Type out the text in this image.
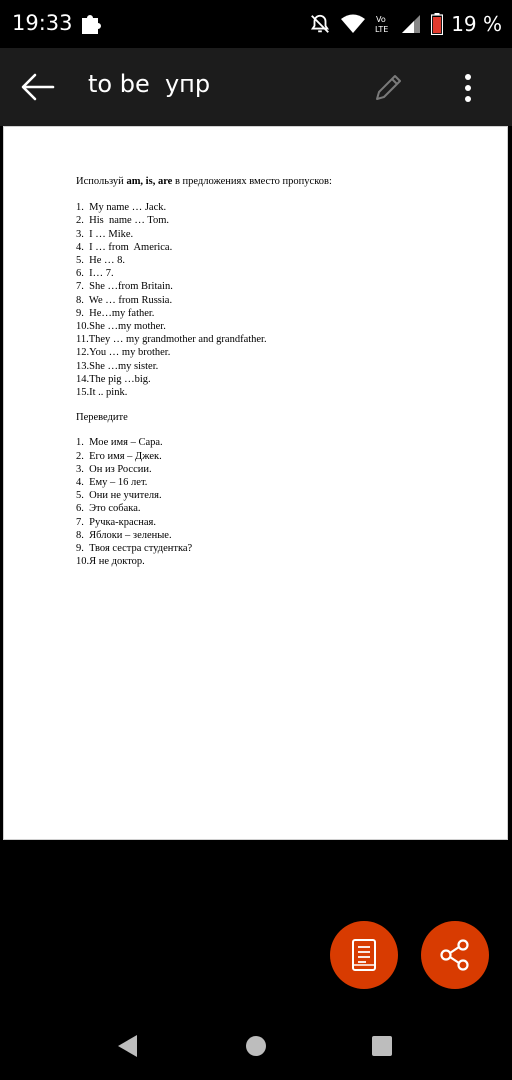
19:33	Vo
LTE	19 %
to be  упр

Используй am, is, are в предложениях вместо пропусков:

1.  My name … Jack.
2.  His  name … Tom.
3.  I … Mike.
4.  I … from  America.
5.  He … 8.
6.  I… 7.
7.  She …from Britain.
8.  We … from Russia.
9.  He…my father.
10.She …my mother.
11.They … my grandmother and grandfather.
12.You … my brother.
13.She …my sister.
14.The pig …big.
15.It .. pink.

Переведите

1.  Мое имя – Сара.
2.  Его имя – Джек.
3.  Он из России.
4.  Ему – 16 лет.
5.  Они не учителя.
6.  Это собака.
7.  Ручка-красная.
8.  Яблоки – зеленые.
9.  Твоя сестра студентка?
10.Я не доктор.
